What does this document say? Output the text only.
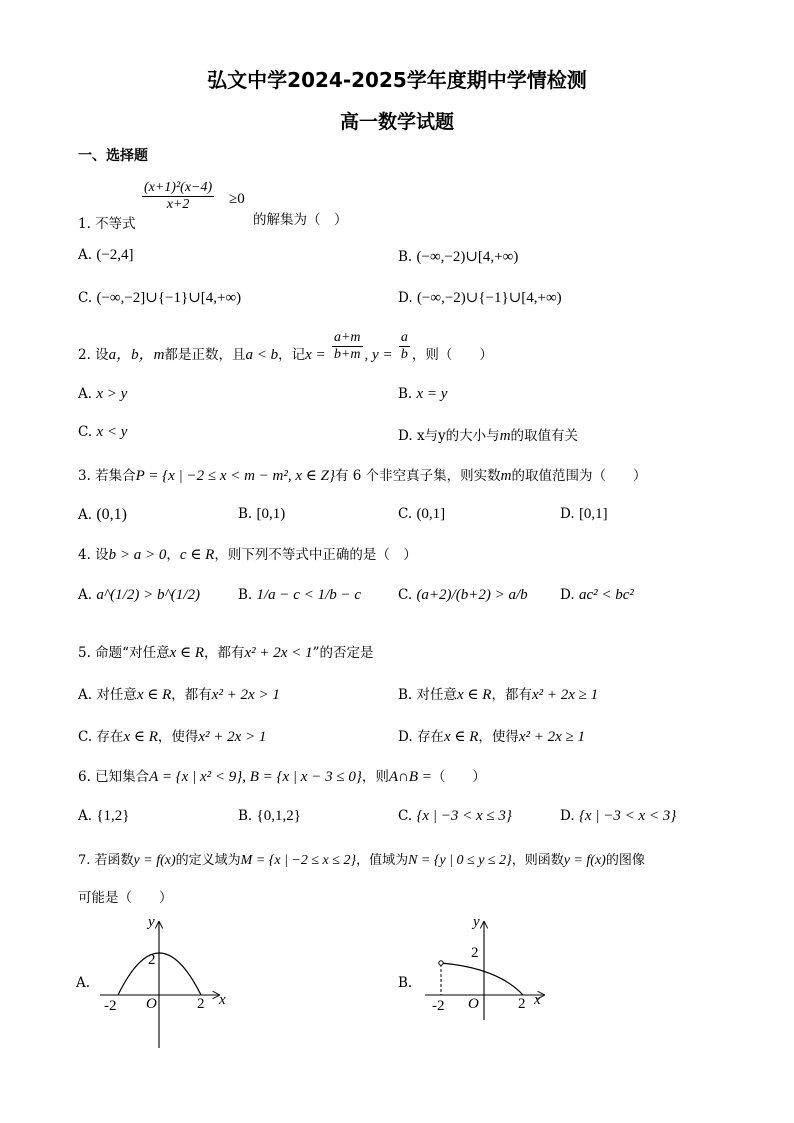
弘文中学2024-2025学年度期中学情检测
高一数学试题
一、选择题
1. 不等式
$\frac{\text{(x+1)²(x−4)}}{x+2} \ge 0$
的解集为（　）
A. (−2,4]	B. (−∞,−2)∪[4,+∞)
C. (−∞,−2]∪{−1}∪[4,+∞)	D. (−∞,−2)∪{−1}∪[4,+∞)
2. 设a，b，m都是正数，且a < b，记$x = \frac{a+m}{b+m}$ , $y = \frac{a}{b}$ ，则（　　）
A. x > y	B. x = y
C. x < y	D. x与y的大小与m的取值有关
3. 若集合P = {x | −2 ≤ x < m − m², x ∈ Z}有 6 个非空真子集，则实数m的取值范围为（　　）
A. (0,1)	B. [0,1)	C. (0,1]	D. [0,1]
4. 设b > a > 0，c ∈ R，则下列不等式中正确的是（　）
A. a^(1/2) > b^(1/2)	B. 1/a − c < 1/b − c	C. (a+2)/(b+2) > a/b D. ac² < bc²
5. 命题“对任意x ∈ R，都有x² + 2x < 1”的否定是
A. 对任意x ∈ R，都有x² + 2x > 1	B. 对任意x ∈ R，都有x² + 2x ≥ 1
C. 存在x ∈ R，使得x² + 2x > 1	D. 存在x ∈ R，使得x² + 2x ≥ 1
6. 已知集合A = {x | x² < 9}, B = {x | x − 3 ≤ 0}，则A∩B =（　　）
A. {1,2}	B. {0,1,2}	C. {x | −3 < x ≤ 3}	D. {x | −3 < x < 3}
7. 若函数y = f(x)的定义域为M = {x | −2 ≤ x ≤ 2}，值域为N = {y | 0 ≤ y ≤ 2}，则函数y = f(x)的图像
可能是（　　）
A.	B.
y
x
O
2
2
-2
y
x
O
2
2
-2
